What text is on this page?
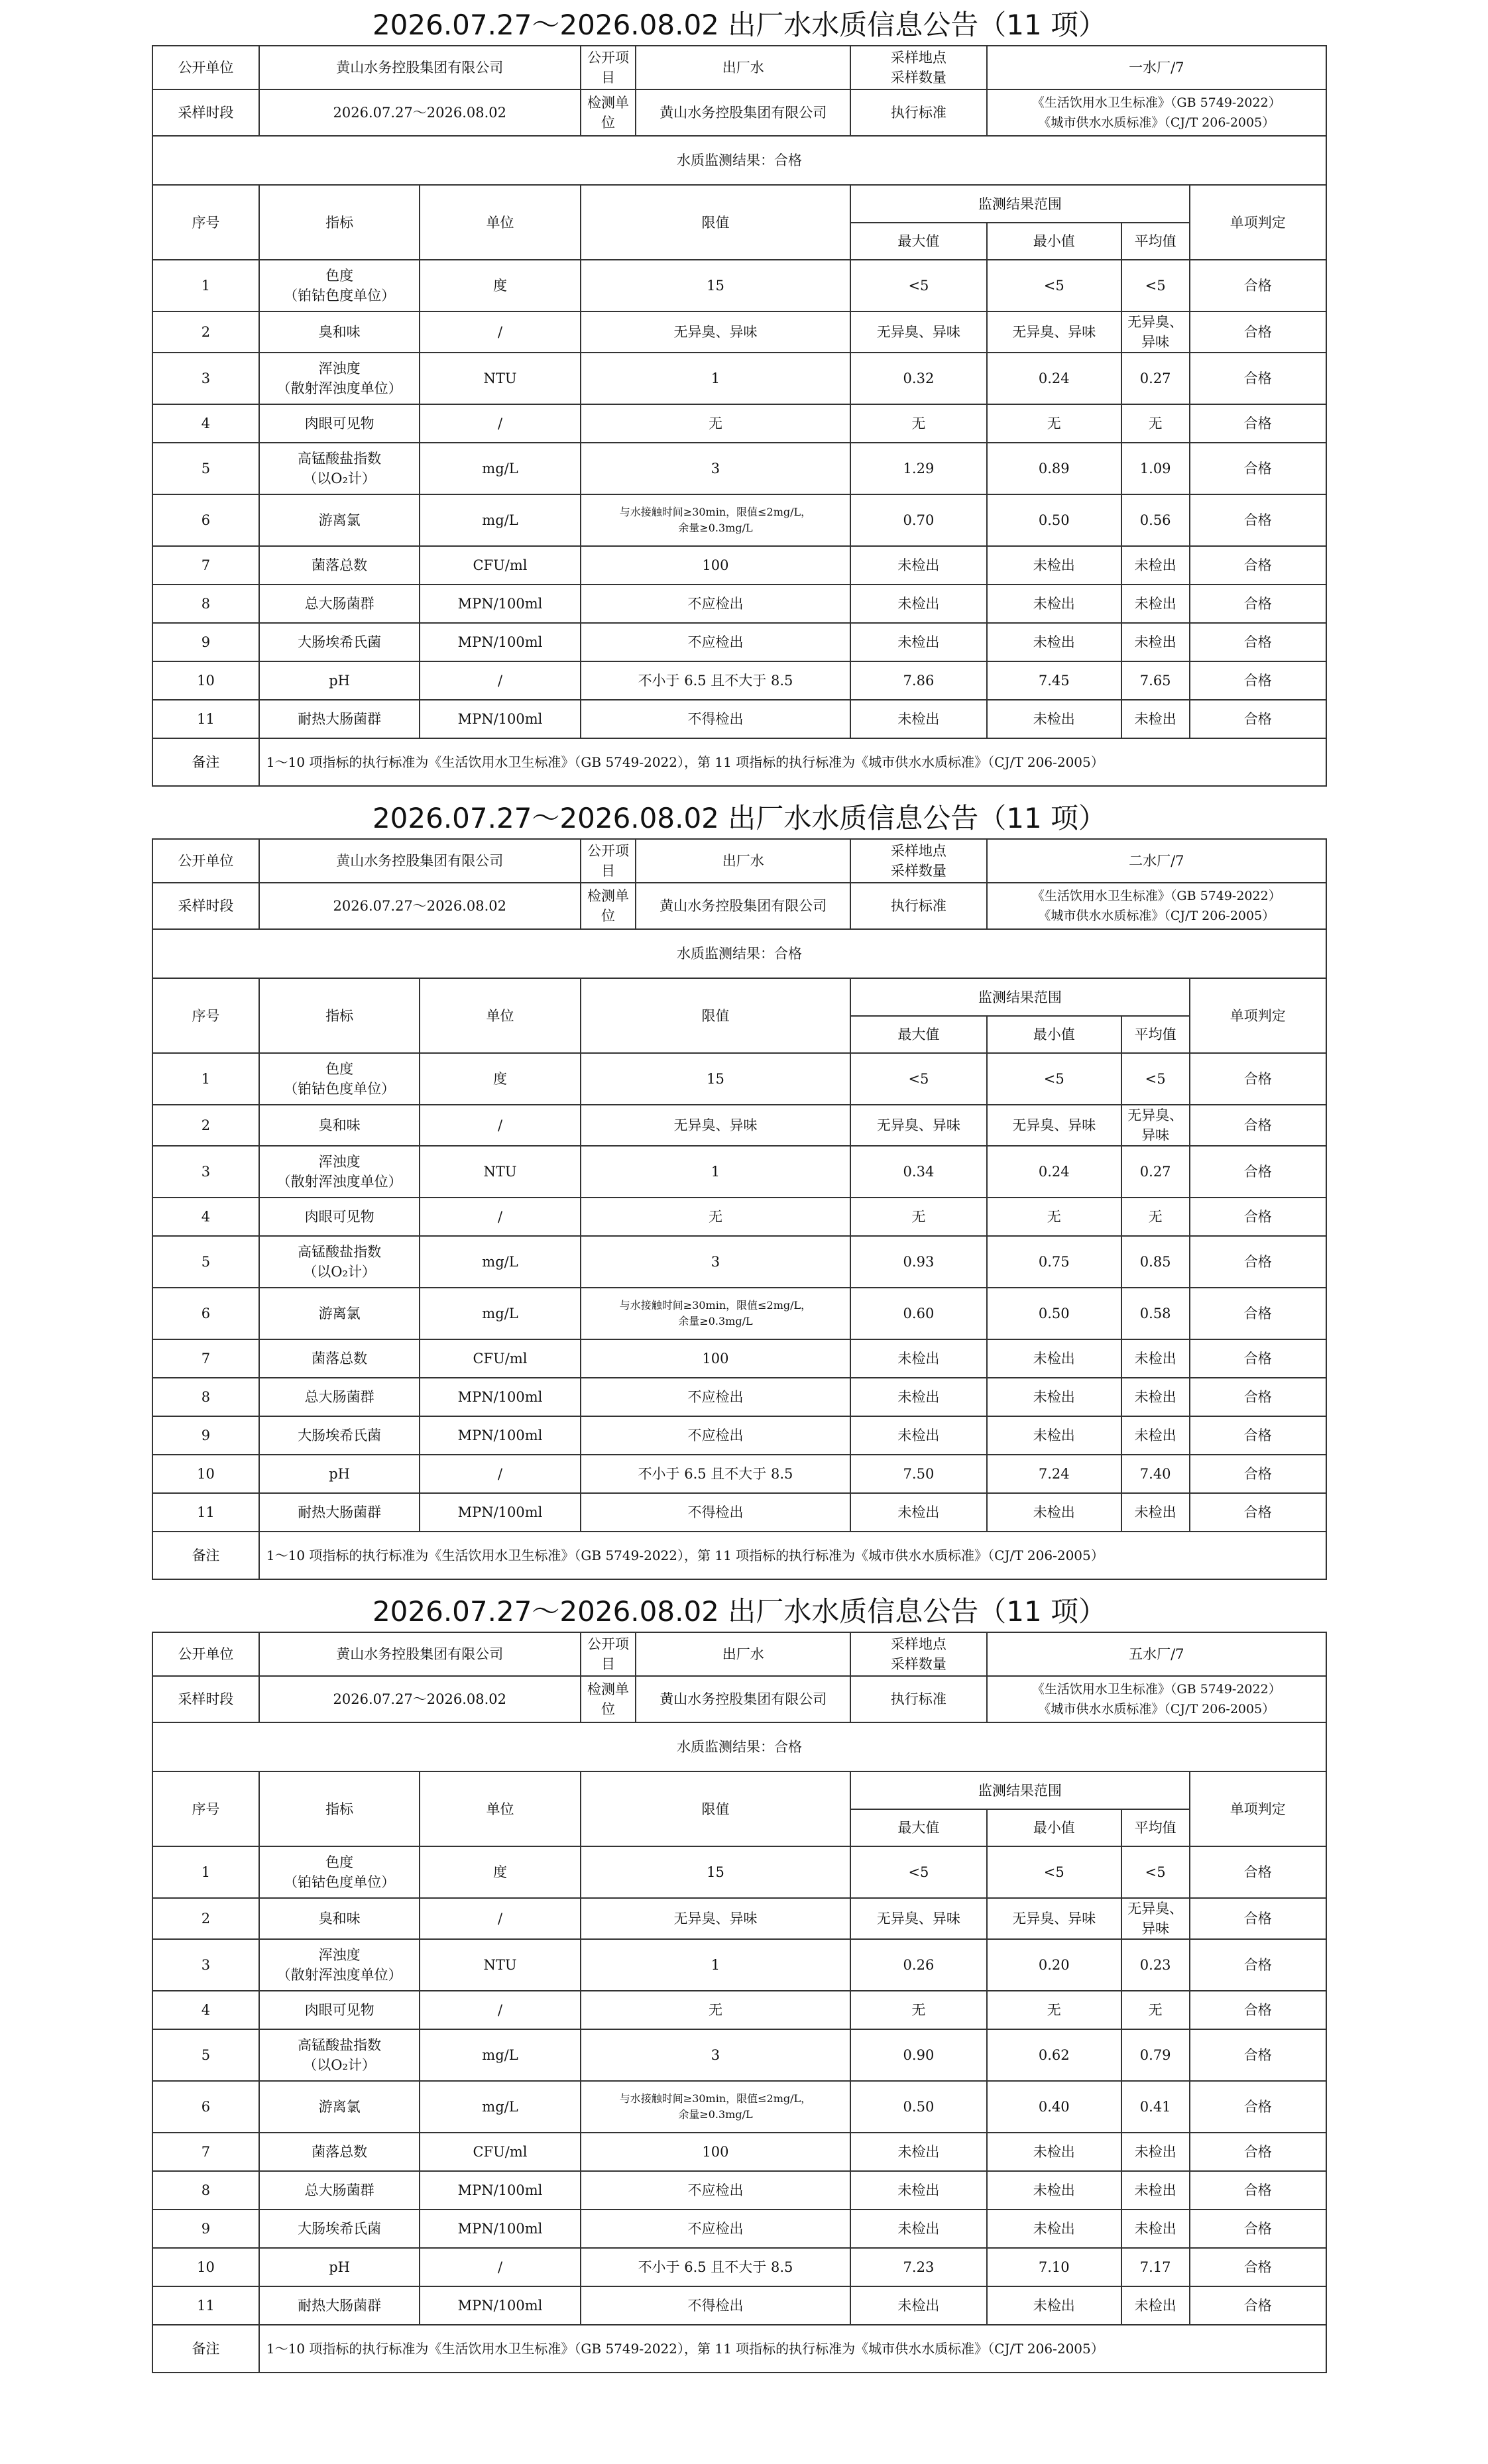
2026.07.27～2026.08.02 出厂水水质信息公告（11 项）
公开单位	黄山水务控股集团有限公司		公开项目	出厂水	采样地点
采样数量	一水厂/7		
采样时段	2026.07.27～2026.08.02		检测单位	黄山水务控股集团有限公司	执行标准	《生活饮用水卫生标准》（GB 5749-2022）
《城市供水水质标准》（CJ/T 206-2005）		

水质监测结果：合格								
序号	指标	单位	限值		监测结果范围			单项判定
					最大值	最小值	平均值	

1	色度
（铂钴色度单位）	度	15		<5	<5	<5	合格

2	臭和味	/	无异臭、异味		无异臭、异味	无异臭、异味	无异臭、异味	合格

3	浑浊度
（散射浑浊度单位）	NTU	1		0.32	0.24	0.27	合格

4	肉眼可见物	/	无		无	无	无	合格

5	高锰酸盐指数
（以O₂计）	mg/L	3		1.29	0.89	1.09	合格

6	游离氯	mg/L	与水接触时间≥30min，限值≤2mg/L，
余量≥0.3mg/L		0.70	0.50	0.56	合格

7	菌落总数	CFU/ml	100		未检出	未检出	未检出	合格

8	总大肠菌群	MPN/100ml	不应检出		未检出	未检出	未检出	合格

9	大肠埃希氏菌	MPN/100ml	不应检出		未检出	未检出	未检出	合格

10	pH	/	不小于 6.5 且不大于 8.5		7.86	7.45	7.65	合格

11	耐热大肠菌群	MPN/100ml	不得检出		未检出	未检出	未检出	合格

备注	1～10 项指标的执行标准为《生活饮用水卫生标准》（GB 5749-2022），第 11 项指标的执行标准为《城市供水水质标准》（CJ/T 206-2005）							
2026.07.27～2026.08.02 出厂水水质信息公告（11 项）
公开单位	黄山水务控股集团有限公司		公开项目	出厂水	采样地点
采样数量	二水厂/7		
采样时段	2026.07.27～2026.08.02		检测单位	黄山水务控股集团有限公司	执行标准	《生活饮用水卫生标准》（GB 5749-2022）
《城市供水水质标准》（CJ/T 206-2005）		

水质监测结果：合格								
序号	指标	单位	限值		监测结果范围			单项判定
					最大值	最小值	平均值	

1	色度
（铂钴色度单位）	度	15		<5	<5	<5	合格

2	臭和味	/	无异臭、异味		无异臭、异味	无异臭、异味	无异臭、异味	合格

3	浑浊度
（散射浑浊度单位）	NTU	1		0.34	0.24	0.27	合格

4	肉眼可见物	/	无		无	无	无	合格

5	高锰酸盐指数
（以O₂计）	mg/L	3		0.93	0.75	0.85	合格

6	游离氯	mg/L	与水接触时间≥30min，限值≤2mg/L，
余量≥0.3mg/L		0.60	0.50	0.58	合格

7	菌落总数	CFU/ml	100		未检出	未检出	未检出	合格

8	总大肠菌群	MPN/100ml	不应检出		未检出	未检出	未检出	合格

9	大肠埃希氏菌	MPN/100ml	不应检出		未检出	未检出	未检出	合格

10	pH	/	不小于 6.5 且不大于 8.5		7.50	7.24	7.40	合格

11	耐热大肠菌群	MPN/100ml	不得检出		未检出	未检出	未检出	合格

备注	1～10 项指标的执行标准为《生活饮用水卫生标准》（GB 5749-2022），第 11 项指标的执行标准为《城市供水水质标准》（CJ/T 206-2005）							
2026.07.27～2026.08.02 出厂水水质信息公告（11 项）
公开单位	黄山水务控股集团有限公司		公开项目	出厂水	采样地点
采样数量	五水厂/7		
采样时段	2026.07.27～2026.08.02		检测单位	黄山水务控股集团有限公司	执行标准	《生活饮用水卫生标准》（GB 5749-2022）
《城市供水水质标准》（CJ/T 206-2005）		

水质监测结果：合格								
序号	指标	单位	限值		监测结果范围			单项判定
					最大值	最小值	平均值	

1	色度
（铂钴色度单位）	度	15		<5	<5	<5	合格

2	臭和味	/	无异臭、异味		无异臭、异味	无异臭、异味	无异臭、异味	合格

3	浑浊度
（散射浑浊度单位）	NTU	1		0.26	0.20	0.23	合格

4	肉眼可见物	/	无		无	无	无	合格

5	高锰酸盐指数
（以O₂计）	mg/L	3		0.90	0.62	0.79	合格

6	游离氯	mg/L	与水接触时间≥30min，限值≤2mg/L，
余量≥0.3mg/L		0.50	0.40	0.41	合格

7	菌落总数	CFU/ml	100		未检出	未检出	未检出	合格

8	总大肠菌群	MPN/100ml	不应检出		未检出	未检出	未检出	合格

9	大肠埃希氏菌	MPN/100ml	不应检出		未检出	未检出	未检出	合格

10	pH	/	不小于 6.5 且不大于 8.5		7.23	7.10	7.17	合格

11	耐热大肠菌群	MPN/100ml	不得检出		未检出	未检出	未检出	合格

备注	1～10 项指标的执行标准为《生活饮用水卫生标准》（GB 5749-2022），第 11 项指标的执行标准为《城市供水水质标准》（CJ/T 206-2005）							
